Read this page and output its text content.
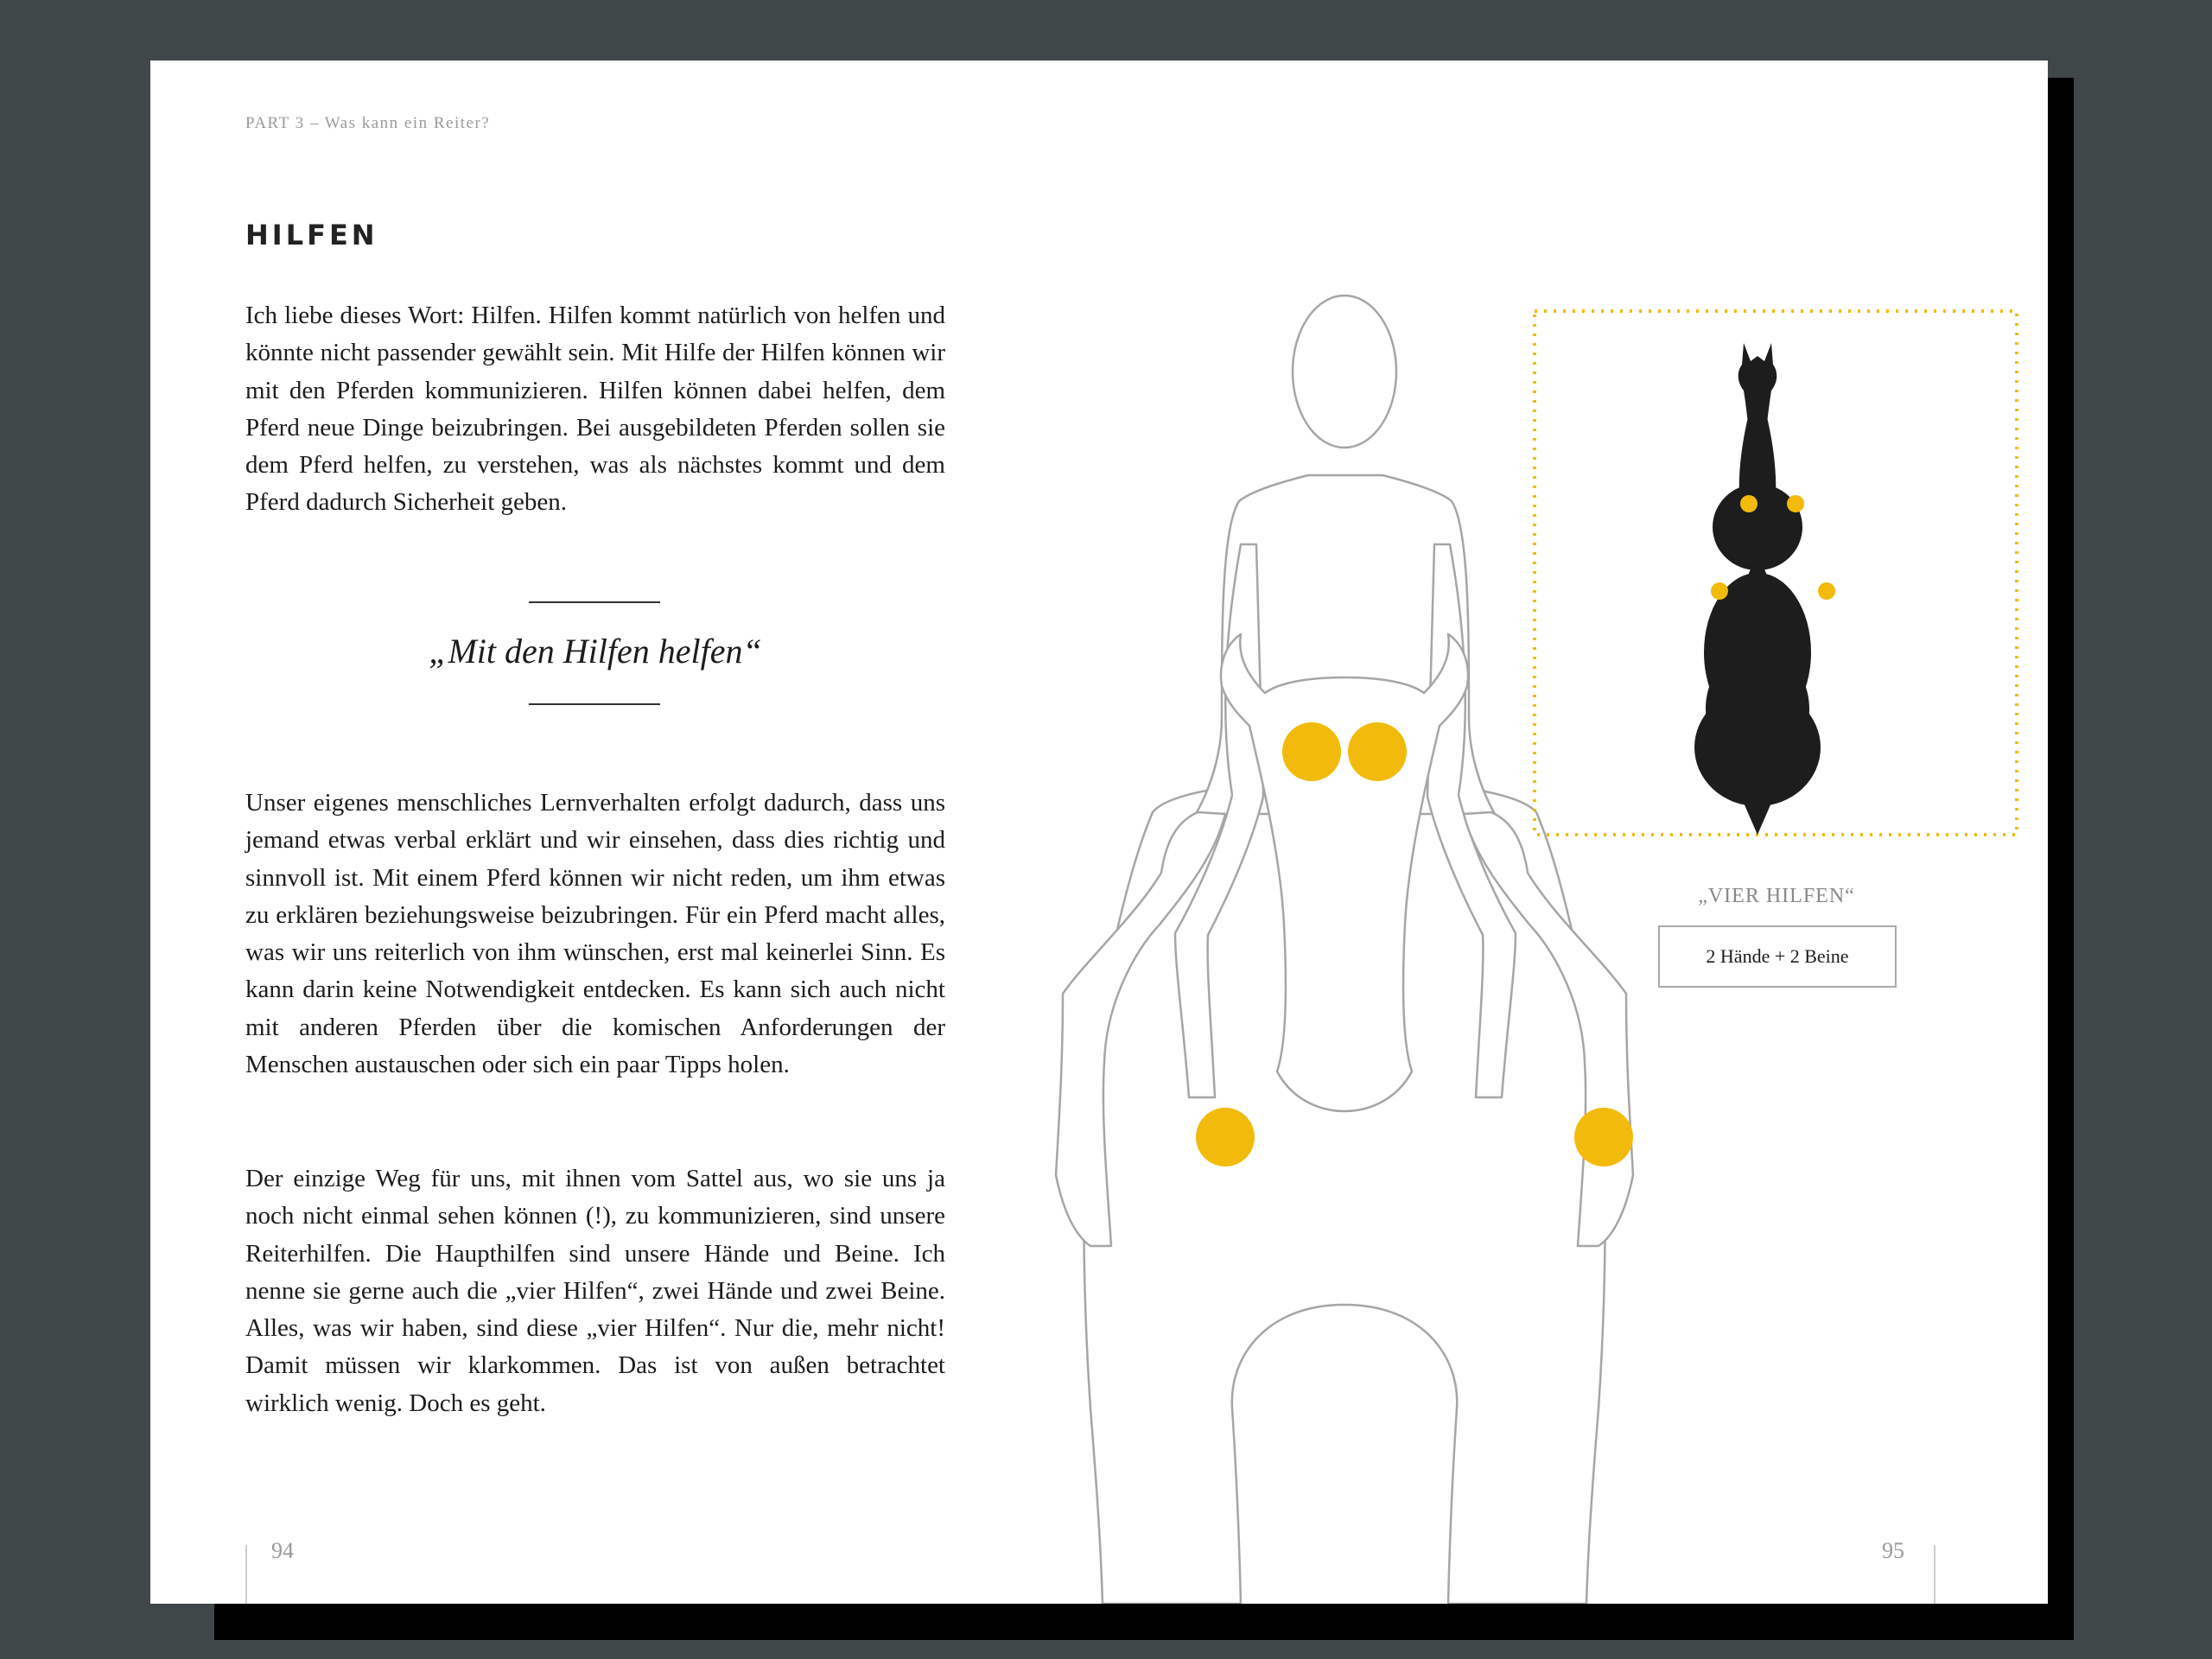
PART 3 – Was kann ein Reiter?
HILFEN

Ich liebe dieses Wort: Hilfen. Hilfen kommt natürlich von helfen und könnte nicht passender gewählt sein. Mit Hilfe der Hilfen können wir mit den Pferden kommunizieren. Hilfen können dabei helfen, dem Pferd neue Dinge beizubringen. Bei ausgebildeten Pferden sollen sie dem Pferd helfen, zu verstehen, was als nächstes kommt und dem Pferd dadurch Sicherheit geben.

„Mit den Hilfen helfen“

Unser eigenes menschliches Lernverhalten erfolgt dadurch, dass uns jemand etwas verbal erklärt und wir einsehen, dass dies richtig und sinnvoll ist. Mit einem Pferd können wir nicht reden, um ihm etwas zu erklären beziehungsweise beizubringen. Für ein Pferd macht alles, was wir uns reiterlich von ihm wünschen, erst mal keinerlei Sinn. Es kann darin keine Notwendigkeit entdecken. Es kann sich auch nicht mit anderen Pferden über die komischen Anforderungen der Menschen austauschen oder sich ein paar Tipps holen.

Der einzige Weg für uns, mit ihnen vom Sattel aus, wo sie uns ja noch nicht einmal sehen können (!), zu kommunizieren, sind unsere Reiterhilfen. Die Haupthilfen sind unsere Hände und Beine. Ich nenne sie gerne auch die „vier Hilfen“, zwei Hände und zwei Beine. Alles, was wir haben, sind diese „vier Hilfen“. Nur die, mehr nicht! Damit müssen wir klarkommen. Das ist von außen betrachtet wirklich wenig. Doch es geht.

„VIER HILFEN“
2 Hände + 2 Beine
94	95
